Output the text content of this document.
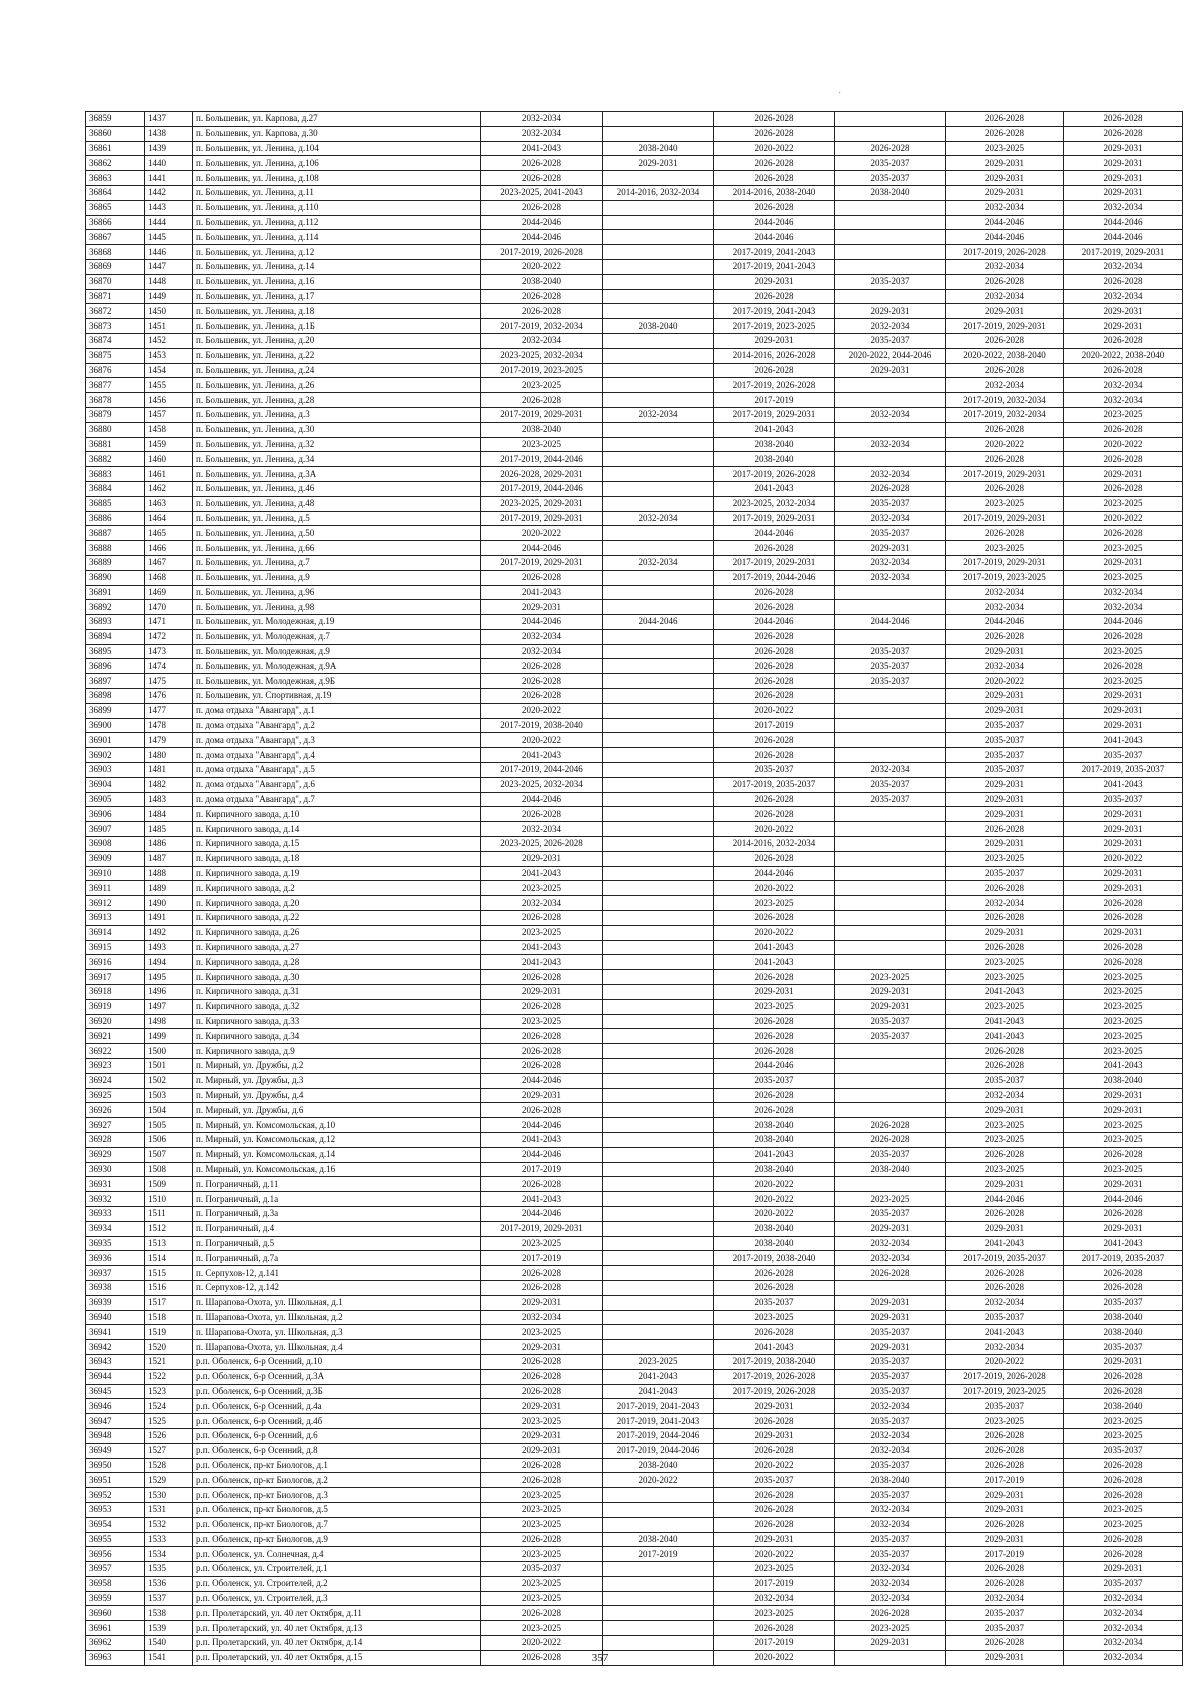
·
36859	1437	п. Большевик, ул. Карпова, д.27	2032-2034		2026-2028		2026-2028	2026-2028
36860	1438	п. Большевик, ул. Карпова, д.30	2032-2034		2026-2028		2026-2028	2026-2028
36861	1439	п. Большевик, ул. Ленина, д.104	2041-2043	2038-2040	2020-2022	2026-2028	2023-2025	2029-2031
36862	1440	п. Большевик, ул. Ленина, д.106	2026-2028	2029-2031	2026-2028	2035-2037	2029-2031	2029-2031
36863	1441	п. Большевик, ул. Ленина, д.108	2026-2028		2026-2028	2035-2037	2029-2031	2029-2031
36864	1442	п. Большевик, ул. Ленина, д.11	2023-2025, 2041-2043	2014-2016, 2032-2034	2014-2016, 2038-2040	2038-2040	2029-2031	2029-2031
36865	1443	п. Большевик, ул. Ленина, д.110	2026-2028		2026-2028		2032-2034	2032-2034
36866	1444	п. Большевик, ул. Ленина, д.112	2044-2046		2044-2046		2044-2046	2044-2046
36867	1445	п. Большевик, ул. Ленина, д.114	2044-2046		2044-2046		2044-2046	2044-2046
36868	1446	п. Большевик, ул. Ленина, д.12	2017-2019, 2026-2028		2017-2019, 2041-2043		2017-2019, 2026-2028	2017-2019, 2029-2031
36869	1447	п. Большевик, ул. Ленина, д.14	2020-2022		2017-2019, 2041-2043		2032-2034	2032-2034
36870	1448	п. Большевик, ул. Ленина, д.16	2038-2040		2029-2031	2035-2037	2026-2028	2026-2028
36871	1449	п. Большевик, ул. Ленина, д.17	2026-2028		2026-2028		2032-2034	2032-2034
36872	1450	п. Большевик, ул. Ленина, д.18	2026-2028		2017-2019, 2041-2043	2029-2031	2029-2031	2029-2031
36873	1451	п. Большевик, ул. Ленина, д.1Б	2017-2019, 2032-2034	2038-2040	2017-2019, 2023-2025	2032-2034	2017-2019, 2029-2031	2029-2031
36874	1452	п. Большевик, ул. Ленина, д.20	2032-2034		2029-2031	2035-2037	2026-2028	2026-2028
36875	1453	п. Большевик, ул. Ленина, д.22	2023-2025, 2032-2034		2014-2016, 2026-2028	2020-2022, 2044-2046	2020-2022, 2038-2040	2020-2022, 2038-2040
36876	1454	п. Большевик, ул. Ленина, д.24	2017-2019, 2023-2025		2026-2028	2029-2031	2026-2028	2026-2028
36877	1455	п. Большевик, ул. Ленина, д.26	2023-2025		2017-2019, 2026-2028		2032-2034	2032-2034
36878	1456	п. Большевик, ул. Ленина, д.28	2026-2028		2017-2019		2017-2019, 2032-2034	2032-2034
36879	1457	п. Большевик, ул. Ленина, д.3	2017-2019, 2029-2031	2032-2034	2017-2019, 2029-2031	2032-2034	2017-2019, 2032-2034	2023-2025
36880	1458	п. Большевик, ул. Ленина, д.30	2038-2040		2041-2043		2026-2028	2026-2028
36881	1459	п. Большевик, ул. Ленина, д.32	2023-2025		2038-2040	2032-2034	2020-2022	2020-2022
36882	1460	п. Большевик, ул. Ленина, д.34	2017-2019, 2044-2046		2038-2040		2026-2028	2026-2028
36883	1461	п. Большевик, ул. Ленина, д.3А	2026-2028, 2029-2031		2017-2019, 2026-2028	2032-2034	2017-2019, 2029-2031	2029-2031
36884	1462	п. Большевик, ул. Ленина, д.46	2017-2019, 2044-2046		2041-2043	2026-2028	2026-2028	2026-2028
36885	1463	п. Большевик, ул. Ленина, д.48	2023-2025, 2029-2031		2023-2025, 2032-2034	2035-2037	2023-2025	2023-2025
36886	1464	п. Большевик, ул. Ленина, д.5	2017-2019, 2029-2031	2032-2034	2017-2019, 2029-2031	2032-2034	2017-2019, 2029-2031	2020-2022
36887	1465	п. Большевик, ул. Ленина, д.50	2020-2022		2044-2046	2035-2037	2026-2028	2026-2028
36888	1466	п. Большевик, ул. Ленина, д.66	2044-2046		2026-2028	2029-2031	2023-2025	2023-2025
36889	1467	п. Большевик, ул. Ленина, д.7	2017-2019, 2029-2031	2032-2034	2017-2019, 2029-2031	2032-2034	2017-2019, 2029-2031	2029-2031
36890	1468	п. Большевик, ул. Ленина, д.9	2026-2028		2017-2019, 2044-2046	2032-2034	2017-2019, 2023-2025	2023-2025
36891	1469	п. Большевик, ул. Ленина, д.96	2041-2043		2026-2028		2032-2034	2032-2034
36892	1470	п. Большевик, ул. Ленина, д.98	2029-2031		2026-2028		2032-2034	2032-2034
36893	1471	п. Большевик, ул. Молодежная, д.19	2044-2046	2044-2046	2044-2046	2044-2046	2044-2046	2044-2046
36894	1472	п. Большевик, ул. Молодежная, д.7	2032-2034		2026-2028		2026-2028	2026-2028
36895	1473	п. Большевик, ул. Молодежная, д.9	2032-2034		2026-2028	2035-2037	2029-2031	2023-2025
36896	1474	п. Большевик, ул. Молодежная, д.9А	2026-2028		2026-2028	2035-2037	2032-2034	2026-2028
36897	1475	п. Большевик, ул. Молодежная, д.9Б	2026-2028		2026-2028	2035-2037	2020-2022	2023-2025
36898	1476	п. Большевик, ул. Спортивная, д.19	2026-2028		2026-2028		2029-2031	2029-2031
36899	1477	п. дома отдыха "Авангард", д.1	2020-2022		2020-2022		2029-2031	2029-2031
36900	1478	п. дома отдыха "Авангард", д.2	2017-2019, 2038-2040		2017-2019		2035-2037	2029-2031
36901	1479	п. дома отдыха "Авангард", д.3	2020-2022		2026-2028		2035-2037	2041-2043
36902	1480	п. дома отдыха "Авангард", д.4	2041-2043		2026-2028		2035-2037	2035-2037
36903	1481	п. дома отдыха "Авангард", д.5	2017-2019, 2044-2046		2035-2037	2032-2034	2035-2037	2017-2019, 2035-2037
36904	1482	п. дома отдыха "Авангард", д.6	2023-2025, 2032-2034		2017-2019, 2035-2037	2035-2037	2029-2031	2041-2043
36905	1483	п. дома отдыха "Авангард", д.7	2044-2046		2026-2028	2035-2037	2029-2031	2035-2037
36906	1484	п. Кирпичного завода, д.10	2026-2028		2026-2028		2029-2031	2029-2031
36907	1485	п. Кирпичного завода, д.14	2032-2034		2020-2022		2026-2028	2029-2031
36908	1486	п. Кирпичного завода, д.15	2023-2025, 2026-2028		2014-2016, 2032-2034		2029-2031	2029-2031
36909	1487	п. Кирпичного завода, д.18	2029-2031		2026-2028		2023-2025	2020-2022
36910	1488	п. Кирпичного завода, д.19	2041-2043		2044-2046		2035-2037	2029-2031
36911	1489	п. Кирпичного завода, д.2	2023-2025		2020-2022		2026-2028	2029-2031
36912	1490	п. Кирпичного завода, д.20	2032-2034		2023-2025		2032-2034	2026-2028
36913	1491	п. Кирпичного завода, д.22	2026-2028		2026-2028		2026-2028	2026-2028
36914	1492	п. Кирпичного завода, д.26	2023-2025		2020-2022		2029-2031	2029-2031
36915	1493	п. Кирпичного завода, д.27	2041-2043		2041-2043		2026-2028	2026-2028
36916	1494	п. Кирпичного завода, д.28	2041-2043		2041-2043		2023-2025	2026-2028
36917	1495	п. Кирпичного завода, д.30	2026-2028		2026-2028	2023-2025	2023-2025	2023-2025
36918	1496	п. Кирпичного завода, д.31	2029-2031		2029-2031	2029-2031	2041-2043	2023-2025
36919	1497	п. Кирпичного завода, д.32	2026-2028		2023-2025	2029-2031	2023-2025	2023-2025
36920	1498	п. Кирпичного завода, д.33	2023-2025		2026-2028	2035-2037	2041-2043	2023-2025
36921	1499	п. Кирпичного завода, д.34	2026-2028		2026-2028	2035-2037	2041-2043	2023-2025
36922	1500	п. Кирпичного завода, д.9	2026-2028		2026-2028		2026-2028	2023-2025
36923	1501	п. Мирный, ул. Дружбы, д.2	2026-2028		2044-2046		2026-2028	2041-2043
36924	1502	п. Мирный, ул. Дружбы, д.3	2044-2046		2035-2037		2035-2037	2038-2040
36925	1503	п. Мирный, ул. Дружбы, д.4	2029-2031		2026-2028		2032-2034	2029-2031
36926	1504	п. Мирный, ул. Дружбы, д.6	2026-2028		2026-2028		2029-2031	2029-2031
36927	1505	п. Мирный, ул. Комсомольская, д.10	2044-2046		2038-2040	2026-2028	2023-2025	2023-2025
36928	1506	п. Мирный, ул. Комсомольская, д.12	2041-2043		2038-2040	2026-2028	2023-2025	2023-2025
36929	1507	п. Мирный, ул. Комсомольская, д.14	2044-2046		2041-2043	2035-2037	2026-2028	2026-2028
36930	1508	п. Мирный, ул. Комсомольская, д.16	2017-2019		2038-2040	2038-2040	2023-2025	2023-2025
36931	1509	п. Пограничный, д.11	2026-2028		2020-2022		2029-2031	2029-2031
36932	1510	п. Пограничный, д.1а	2041-2043		2020-2022	2023-2025	2044-2046	2044-2046
36933	1511	п. Пограничный, д.3а	2044-2046		2020-2022	2035-2037	2026-2028	2026-2028
36934	1512	п. Пограничный, д.4	2017-2019, 2029-2031		2038-2040	2029-2031	2029-2031	2029-2031
36935	1513	п. Пограничный, д.5	2023-2025		2038-2040	2032-2034	2041-2043	2041-2043
36936	1514	п. Пограничный, д.7а	2017-2019		2017-2019, 2038-2040	2032-2034	2017-2019, 2035-2037	2017-2019, 2035-2037
36937	1515	п. Серпухов-12, д.141	2026-2028		2026-2028	2026-2028	2026-2028	2026-2028
36938	1516	п. Серпухов-12, д.142	2026-2028		2026-2028		2026-2028	2026-2028
36939	1517	п. Шарапова-Охота, ул. Школьная, д.1	2029-2031		2035-2037	2029-2031	2032-2034	2035-2037
36940	1518	п. Шарапова-Охота, ул. Школьная, д.2	2032-2034		2023-2025	2029-2031	2035-2037	2038-2040
36941	1519	п. Шарапова-Охота, ул. Школьная, д.3	2023-2025		2026-2028	2035-2037	2041-2043	2038-2040
36942	1520	п. Шарапова-Охота, ул. Школьная, д.4	2029-2031		2041-2043	2029-2031	2032-2034	2035-2037
36943	1521	р.п. Оболенск, 6-р Осенний, д.10	2026-2028	2023-2025	2017-2019, 2038-2040	2035-2037	2020-2022	2029-2031
36944	1522	р.п. Оболенск, 6-р Осенний, д.3А	2026-2028	2041-2043	2017-2019, 2026-2028	2035-2037	2017-2019, 2026-2028	2026-2028
36945	1523	р.п. Оболенск, 6-р Осенний, д.3Б	2026-2028	2041-2043	2017-2019, 2026-2028	2035-2037	2017-2019, 2023-2025	2026-2028
36946	1524	р.п. Оболенск, 6-р Осенний, д.4а	2029-2031	2017-2019, 2041-2043	2029-2031	2032-2034	2035-2037	2038-2040
36947	1525	р.п. Оболенск, 6-р Осенний, д.4б	2023-2025	2017-2019, 2041-2043	2026-2028	2035-2037	2023-2025	2023-2025
36948	1526	р.п. Оболенск, 6-р Осенний, д.6	2029-2031	2017-2019, 2044-2046	2029-2031	2032-2034	2026-2028	2023-2025
36949	1527	р.п. Оболенск, 6-р Осенний, д.8	2029-2031	2017-2019, 2044-2046	2026-2028	2032-2034	2026-2028	2035-2037
36950	1528	р.п. Оболенск, пр-кт Биологов, д.1	2026-2028	2038-2040	2020-2022	2035-2037	2026-2028	2026-2028
36951	1529	р.п. Оболенск, пр-кт Биологов, д.2	2026-2028	2020-2022	2035-2037	2038-2040	2017-2019	2026-2028
36952	1530	р.п. Оболенск, пр-кт Биологов, д.3	2023-2025		2026-2028	2035-2037	2029-2031	2026-2028
36953	1531	р.п. Оболенск, пр-кт Биологов, д.5	2023-2025		2026-2028	2032-2034	2029-2031	2023-2025
36954	1532	р.п. Оболенск, пр-кт Биологов, д.7	2023-2025		2026-2028	2032-2034	2026-2028	2023-2025
36955	1533	р.п. Оболенск, пр-кт Биологов, д.9	2026-2028	2038-2040	2029-2031	2035-2037	2029-2031	2026-2028
36956	1534	р.п. Оболенск, ул. Солнечная, д.4	2023-2025	2017-2019	2020-2022	2035-2037	2017-2019	2026-2028
36957	1535	р.п. Оболенск, ул. Строителей, д.1	2035-2037		2023-2025	2032-2034	2026-2028	2029-2031
36958	1536	р.п. Оболенск, ул. Строителей, д.2	2023-2025		2017-2019	2032-2034	2026-2028	2035-2037
36959	1537	р.п. Оболенск, ул. Строителей, д.3	2023-2025		2032-2034	2032-2034	2032-2034	2032-2034
36960	1538	р.п. Пролетарский, ул. 40 лет Октября, д.11	2026-2028		2023-2025	2026-2028	2035-2037	2032-2034
36961	1539	р.п. Пролетарский, ул. 40 лет Октября, д.13	2023-2025		2026-2028	2023-2025	2035-2037	2032-2034
36962	1540	р.п. Пролетарский, ул. 40 лет Октября, д.14	2020-2022		2017-2019	2029-2031	2026-2028	2032-2034
36963	1541	р.п. Пролетарский, ул. 40 лет Октября, д.15	2026-2028		2020-2022		2029-2031	2032-2034
357
